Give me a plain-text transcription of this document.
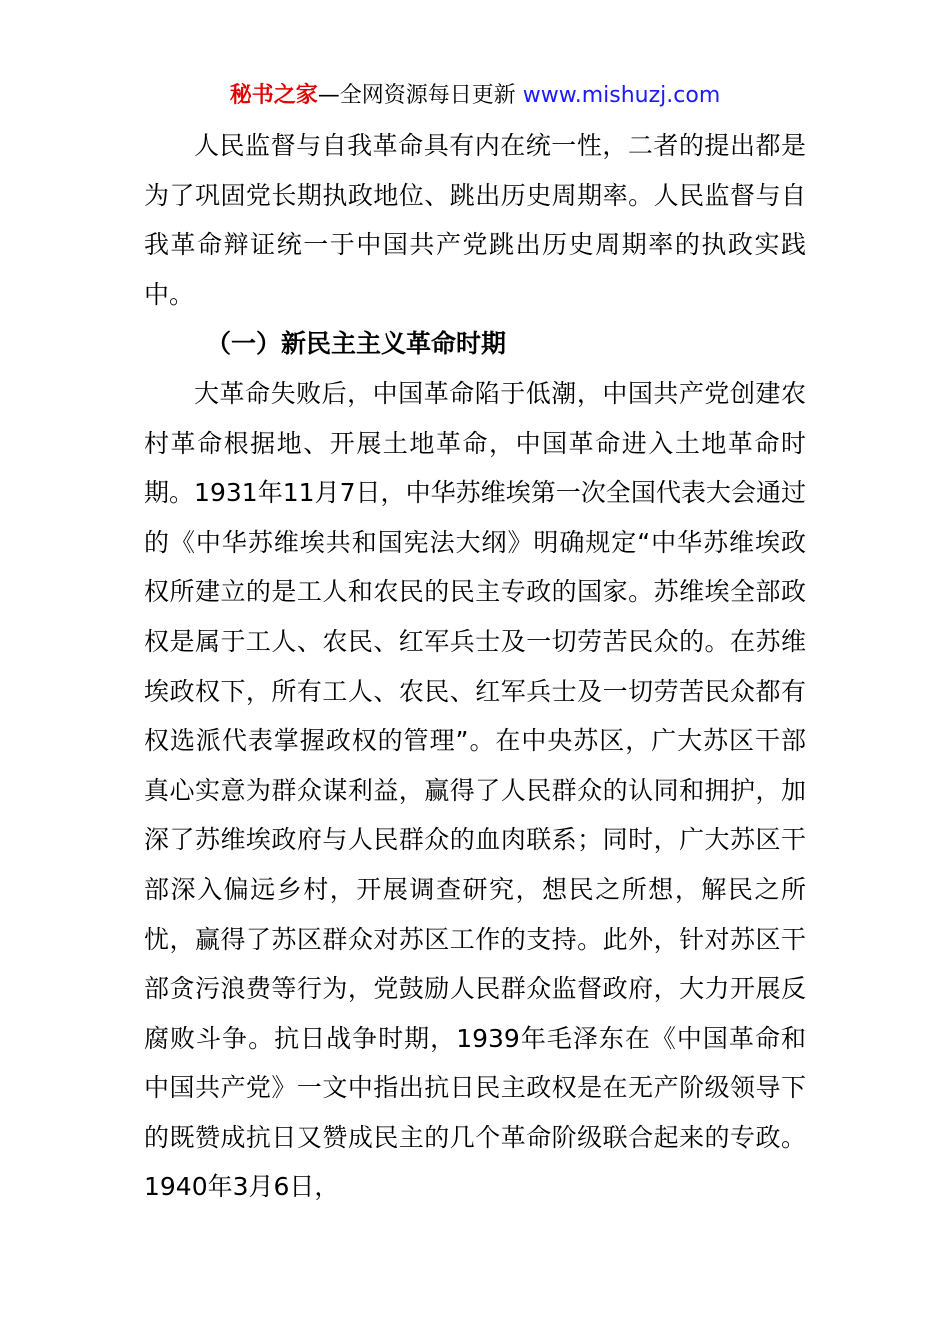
秘书之家—全网资源每日更新 www.mishuzj.com

人民监督与自我革命具有内在统一性，二者的提出都是为了巩固党长期执政地位、跳出历史周期率。人民监督与自我革命辩证统一于中国共产党跳出历史周期率的执政实践中。

（一）新民主主义革命时期

大革命失败后，中国革命陷于低潮，中国共产党创建农村革命根据地、开展土地革命，中国革命进入土地革命时期。1931年11月7日，中华苏维埃第一次全国代表大会通过的《中华苏维埃共和国宪法大纲》明确规定“中华苏维埃政权所建立的是工人和农民的民主专政的国家。苏维埃全部政权是属于工人、农民、红军兵士及一切劳苦民众的。在苏维埃政权下，所有工人、农民、红军兵士及一切劳苦民众都有权选派代表掌握政权的管理”。在中央苏区，广大苏区干部真心实意为群众谋利益，赢得了人民群众的认同和拥护，加深了苏维埃政府与人民群众的血肉联系；同时，广大苏区干部深入偏远乡村，开展调查研究，想民之所想，解民之所忧，赢得了苏区群众对苏区工作的支持。此外，针对苏区干部贪污浪费等行为，党鼓励人民群众监督政府，大力开展反腐败斗争。抗日战争时期，1939年毛泽东在《中国革命和中国共产党》一文中指出抗日民主政权是在无产阶级领导下的既赞成抗日又赞成民主的几个革命阶级联合起来的专政。1940年3月6日，
